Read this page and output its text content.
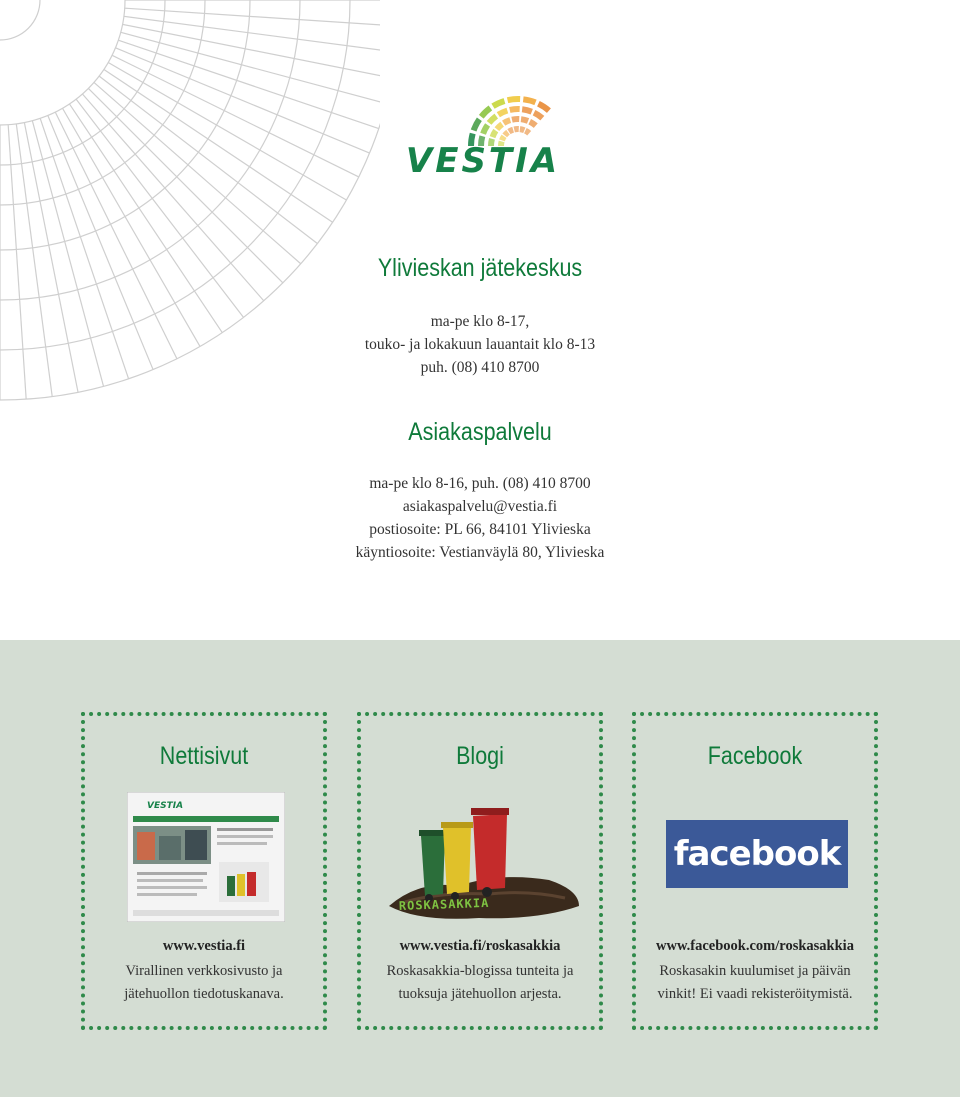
VESTIA
Ylivieskan jätekeskus
ma-pe klo 8-17,
touko- ja lokakuun lauantait klo 8-13
puh. (08) 410 8700
Asiakaspalvelu
ma-pe klo 8-16, puh. (08) 410 8700
asiakaspalvelu@vestia.fi
postiosoite: PL 66, 84101 Ylivieska
käyntiosoite: Vestianväylä 80, Ylivieska
Nettisivut
VESTIA
www.vestia.fi
Virallinen verkkosivusto ja
jätehuollon tiedotuskanava.
Blogi
ROSKASAKKIA
www.vestia.fi/roskasakkia
Roskasakkia-blogissa tunteita ja
tuoksuja jätehuollon arjesta.
Facebook
facebook
www.facebook.com/roskasakkia
Roskasakin kuulumiset ja päivän
vinkit! Ei vaadi rekisteröitymistä.
